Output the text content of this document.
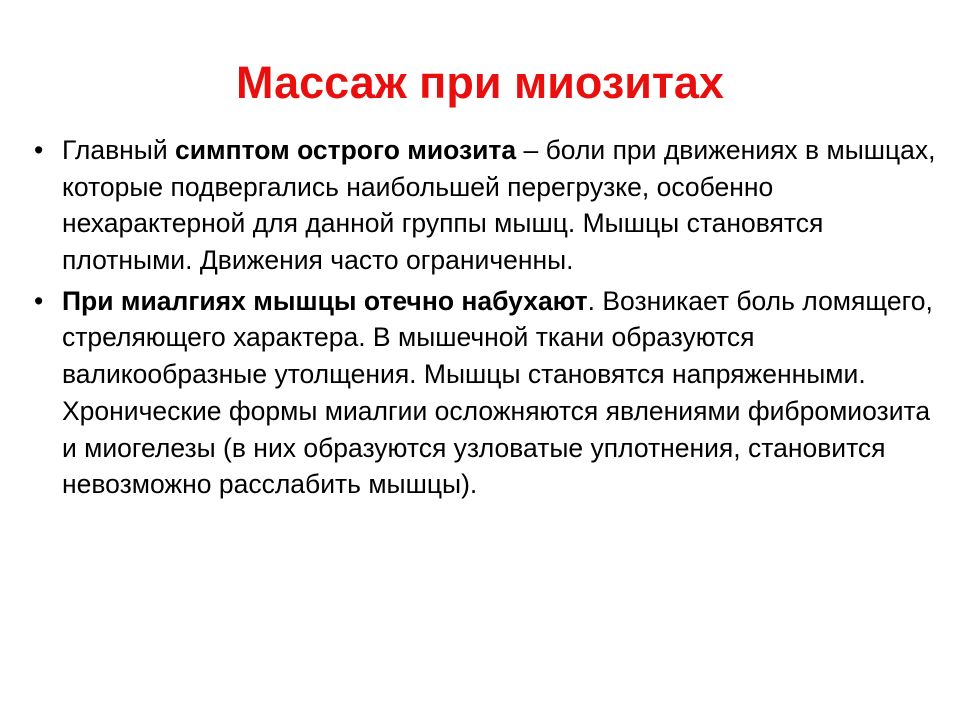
Массаж при миозитах
• Главный симптом острого миозита – боли при движениях в мышцах, которые подвергались наибольшей перегрузке, особенно нехарактерной для данной группы мышц. Мышцы становятся плотными. Движения часто ограниченны.
• При миалгиях мышцы отечно набухают. Возникает боль ломящего, стреляющего характера. В мышечной ткани образуются валикообразные утолщения. Мышцы становятся напряженными. Хронические формы миалгии осложняются явлениями фибромиозита и миогелезы (в них образуются узловатые уплотнения, становится невозможно расслабить мышцы).
